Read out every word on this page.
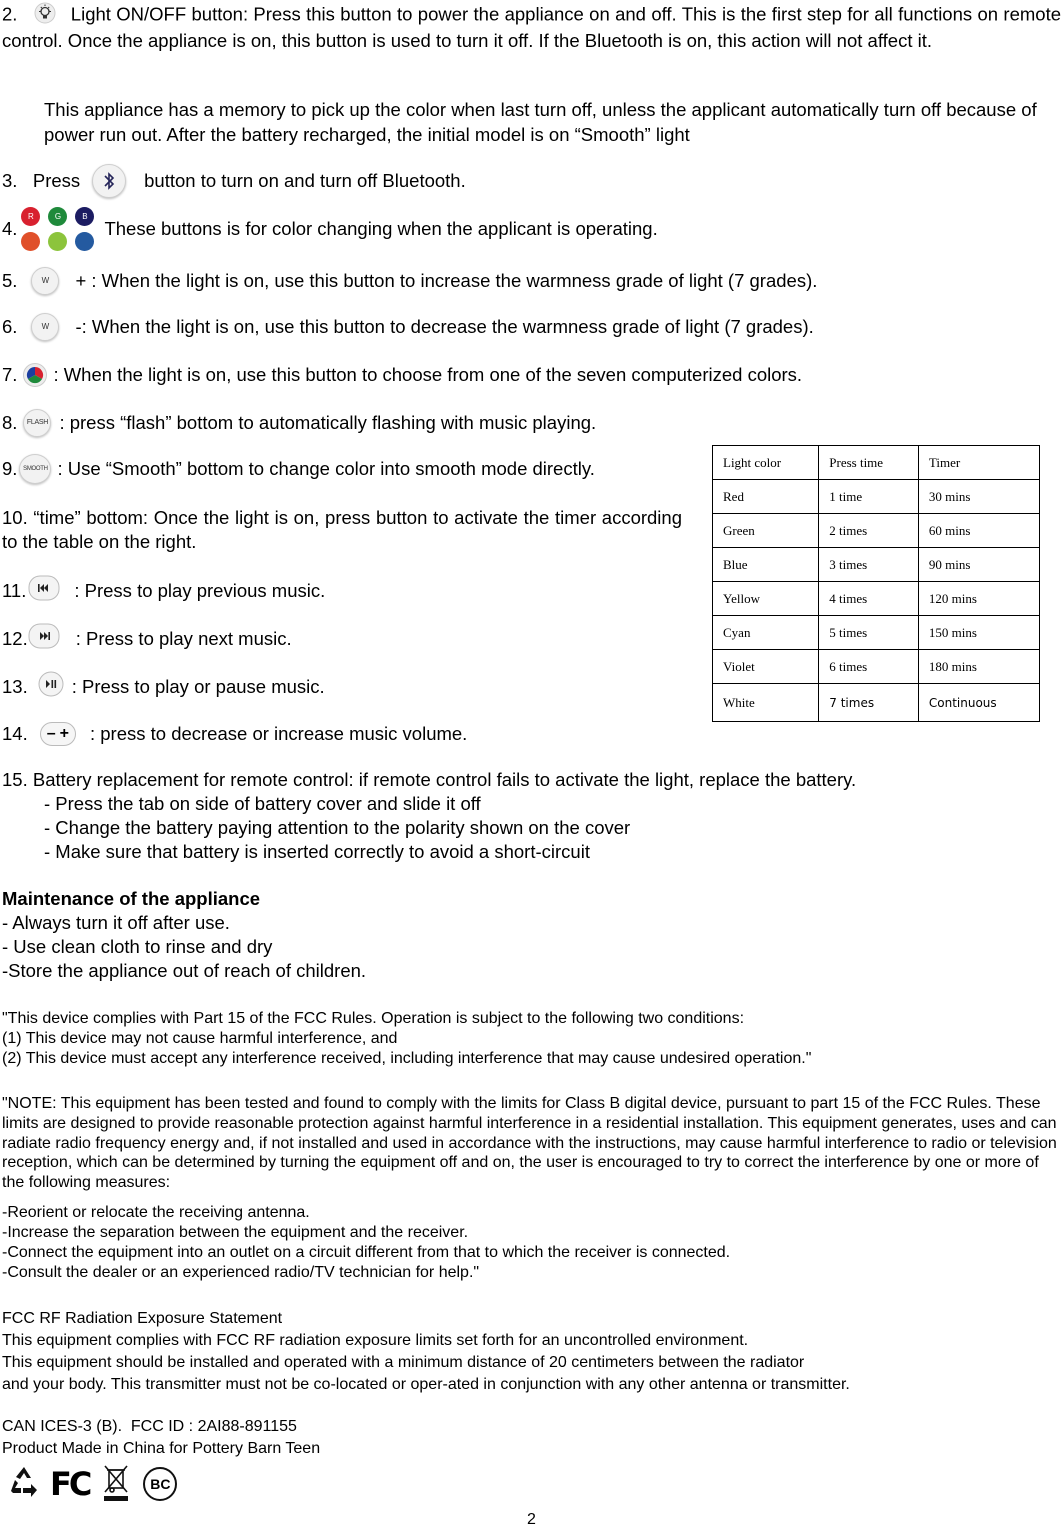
2.	Light ON/OFF button: Press this button to power the appliance on and off. This is the first step for all functions on remote control. Once the appliance is on, this button is used to turn it off. If the Bluetooth is on, this action will not affect it.

This appliance has a memory to pick up the color when last turn off, unless the applicant automatically turn off because of power run out. After the battery recharged, the initial model is on “Smooth” light

3.   Press	button to turn on and turn off Bluetooth.

4.
R	G	B
These buttons is for color changing when the applicant is operating.
5.	W	+ : When the light is on, use this button to increase the warmness grade of light (7 grades).
6.	W	-: When the light is on, use this button to decrease the warmness grade of light (7 grades).
7. : When the light is on, use this button to choose from one of the seven computerized colors.
8.	FLASH : press “flash” bottom to automatically flashing with music playing.
9. SMOOTH : Use “Smooth” bottom to change color into smooth mode directly.

10. “time” bottom: Once the light is on, press button to activate the timer according to the table on the right.

11.	: Press to play previous music.
12.	: Press to play next music.
13. : Press to play or pause music.
14. – + : press to decrease or increase music volume.
Light color	Press time	Timer
Red	1 time	30 mins
Green	2 times	60 mins
Blue	3 times	90 mins
Yellow	4 times	120 mins
Cyan	5 times	150 mins
Violet	6 times	180 mins
White	7 times	Continuous

15. Battery replacement for remote control: if remote control fails to activate the light, replace the battery.

- Press the tab on side of battery cover and slide it off

- Change the battery paying attention to the polarity shown on the cover

- Make sure that battery is inserted correctly to avoid a short-circuit

Maintenance of the appliance

- Always turn it off after use.

- Use clean cloth to rinse and dry

-Store the appliance out of reach of children.

"This device complies with Part 15 of the FCC Rules. Operation is subject to the following two conditions:

(1) This device may not cause harmful interference, and

(2) This device must accept any interference received, including interference that may cause undesired operation."

"NOTE: This equipment has been tested and found to comply with the limits for Class B digital device, pursuant to part 15 of the FCC Rules. These limits are designed to provide reasonable protection against harmful interference in a residential installation. This equipment generates, uses and can radiate radio frequency energy and, if not installed and used in accordance with the instructions, may cause harmful interference to radio or television reception, which can be determined by turning the equipment off and on, the user is encouraged to try to correct the interference by one or more of the following measures:

-Reorient or relocate the receiving antenna.

-Increase the separation between the equipment and the receiver.

-Connect the equipment into an outlet on a circuit different from that to which the receiver is connected.

-Consult the dealer or an experienced radio/TV technician for help."

FCC RF Radiation Exposure Statement

This equipment complies with FCC RF radiation exposure limits set forth for an uncontrolled environment.

This equipment should be installed and operated with a minimum distance of 20 centimeters between the radiator

and your body. This transmitter must not be co-located or oper-ated in conjunction with any other antenna or transmitter.

CAN ICES-3 (B).  FCC ID : 2AI88-891155

Product Made in China for Pottery Barn Teen

FC	BC

2
